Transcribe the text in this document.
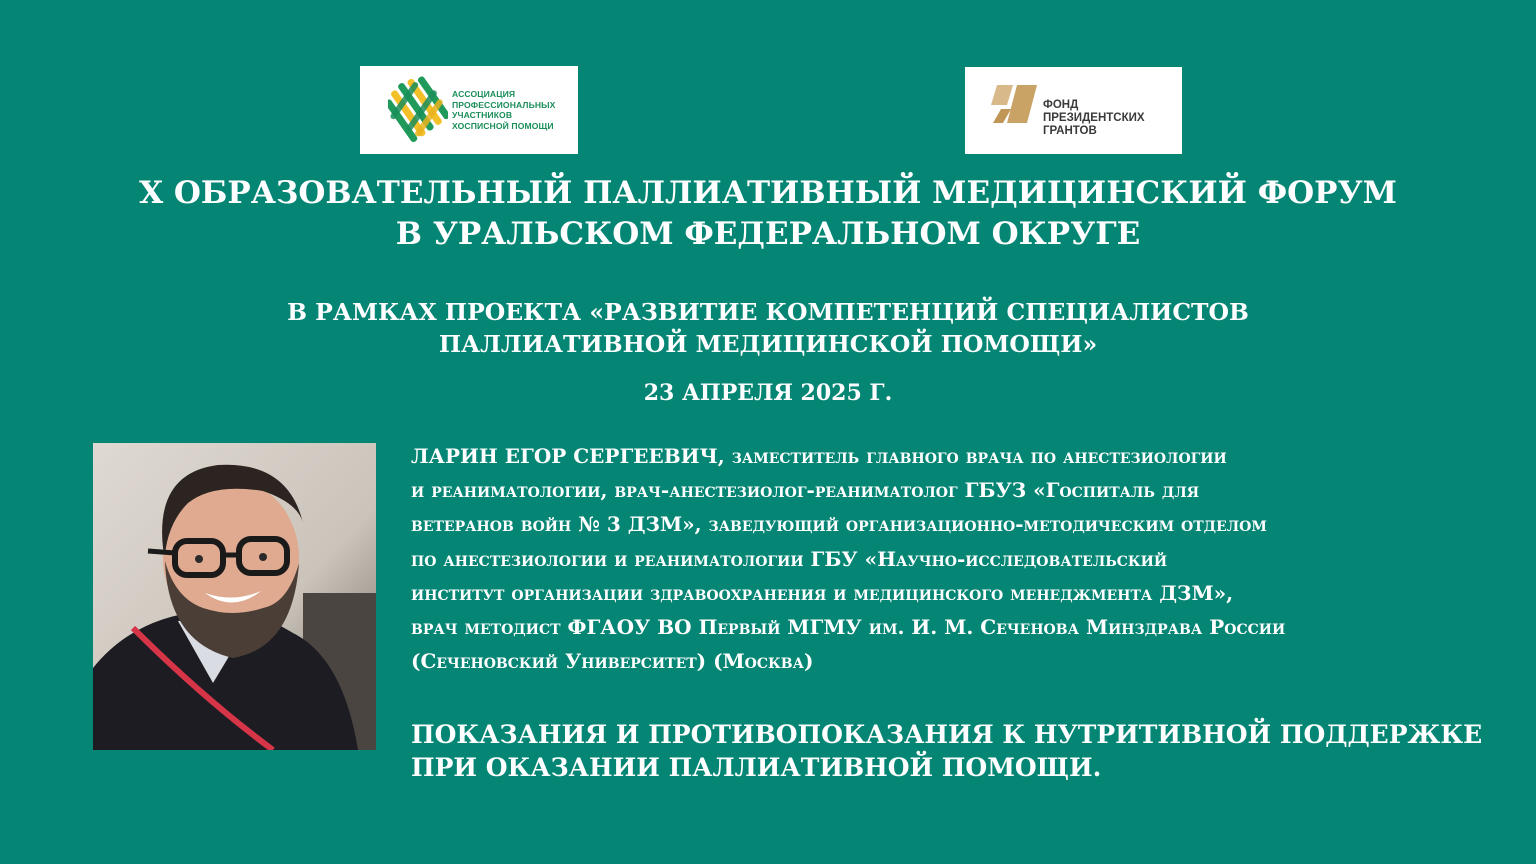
АССОЦИАЦИЯ
ПРОФЕССИОНАЛЬНЫХ
УЧАСТНИКОВ
ХОСПИСНОЙ ПОМОЩИ
ФОНД
ПРЕЗИДЕНТСКИХ
ГРАНТОВ
X ОБРАЗОВАТЕЛЬНЫЙ ПАЛЛИАТИВНЫЙ МЕДИЦИНСКИЙ ФОРУМ
В УРАЛЬСКОМ ФЕДЕРАЛЬНОМ ОКРУГЕ
В РАМКАХ ПРОЕКТА «РАЗВИТИЕ КОМПЕТЕНЦИЙ СПЕЦИАЛИСТОВ
ПАЛЛИАТИВНОЙ МЕДИЦИНСКОЙ ПОМОЩИ»
23 АПРЕЛЯ 2025 Г.
ЛАРИН ЕГОР СЕРГЕЕВИЧ, заместитель главного врача по анестезиологии
и реаниматологии, врач-анестезиолог-реаниматолог ГБУЗ «Госпиталь для
ветеранов войн № 3 ДЗМ», заведующий организационно-методическим отделом
по анестезиологии и реаниматологии ГБУ «Научно-исследовательский
институт организации здравоохранения и медицинского менеджмента ДЗМ»,
врач методист ФГАОУ ВО Первый МГМУ им. И. М. Сеченова Минздрава России
(Сеченовский Университет) (Москва)
ПОКАЗАНИЯ И ПРОТИВОПОКАЗАНИЯ К НУТРИТИВНОЙ ПОДДЕРЖКЕ
ПРИ ОКАЗАНИИ ПАЛЛИАТИВНОЙ ПОМОЩИ.
